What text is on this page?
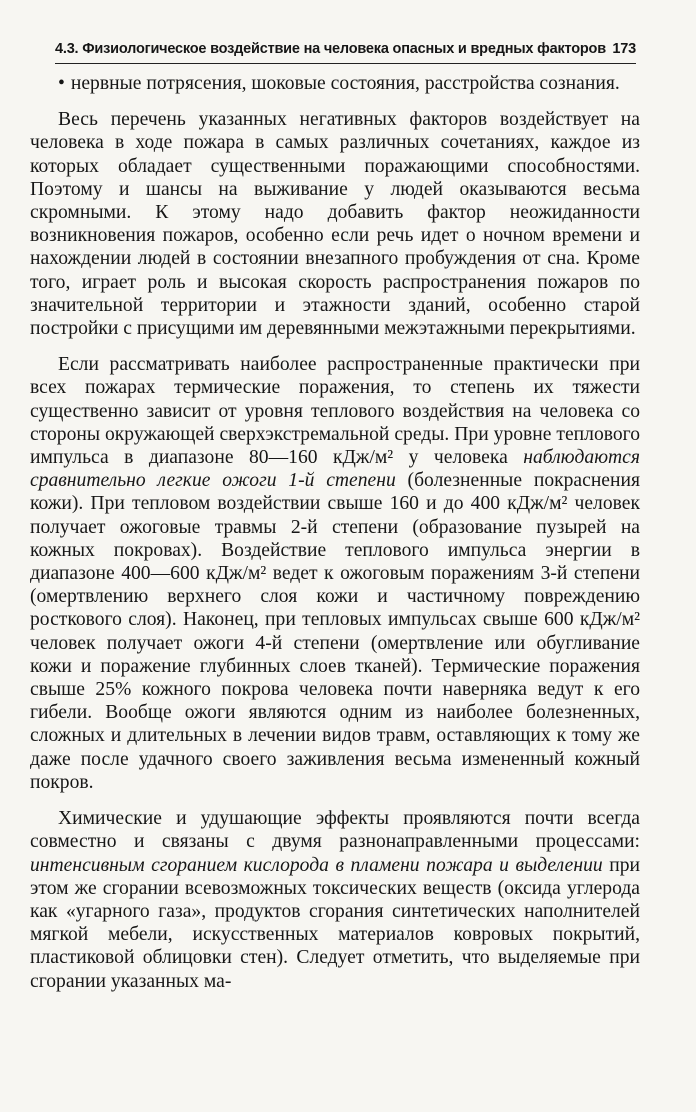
4.3. Физиологическое воздействие на человека опасных и вредных факторов 173

• нервные потрясения, шоковые состояния, расстройства сознания.

Весь перечень указанных негативных факторов воздействует на человека в ходе пожара в самых различных сочетаниях, каждое из которых обладает существенными поражающими способностями. Поэтому и шансы на выживание у людей оказываются весьма скромными. К этому надо добавить фактор неожиданности возникновения пожаров, особенно если речь идет о ночном времени и нахождении людей в состоянии внезапного пробуждения от сна. Кроме того, играет роль и высокая скорость распространения пожаров по значительной территории и этажности зданий, особенно старой постройки с присущими им деревянными межэтажными перекрытиями.

Если рассматривать наиболее распространенные практически при всех пожарах термические поражения, то степень их тяжести существенно зависит от уровня теплового воздействия на человека со стороны окружающей сверхэкстремальной среды. При уровне теплового импульса в диапазоне 80—160 кДж/м² у человека наблюдаются сравнительно легкие ожоги 1-й степени (болезненные покраснения кожи). При тепловом воздействии свыше 160 и до 400 кДж/м² человек получает ожоговые травмы 2-й степени (образование пузырей на кожных покровах). Воздействие теплового импульса энергии в диапазоне 400—600 кДж/м² ведет к ожоговым поражениям 3-й степени (омертвлению верхнего слоя кожи и частичному повреждению росткового слоя). Наконец, при тепловых импульсах свыше 600 кДж/м² человек получает ожоги 4-й степени (омертвление или обугливание кожи и поражение глубинных слоев тканей). Термические поражения свыше 25% кожного покрова человека почти наверняка ведут к его гибели. Вообще ожоги являются одним из наиболее болезненных, сложных и длительных в лечении видов травм, оставляющих к тому же даже после удачного своего заживления весьма измененный кожный покров.

Химические и удушающие эффекты проявляются почти всегда совместно и связаны с двумя разнонаправленными процессами: интенсивным сгоранием кислорода в пламени пожара и выделении при этом же сгорании всевозможных токсических веществ (оксида углерода как «угарного газа», продуктов сгорания синтетических наполнителей мягкой мебели, искусственных материалов ковровых покрытий, пластиковой облицовки стен). Следует отметить, что выделяемые при сгорании указанных ма-
